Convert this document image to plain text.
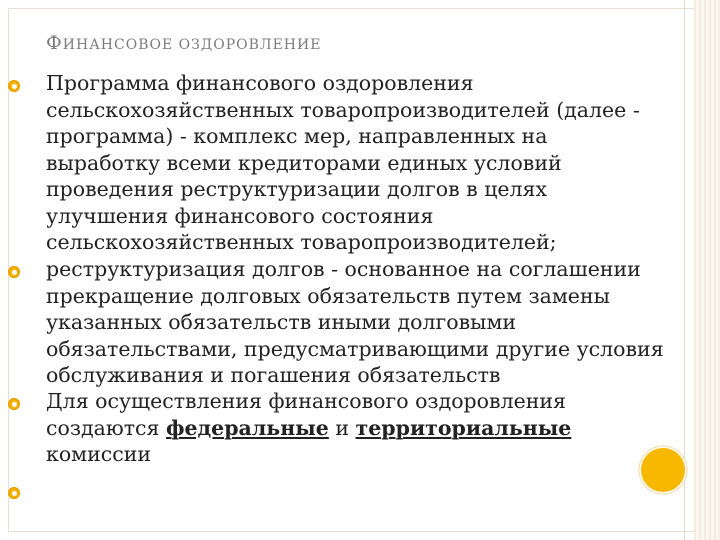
ФИНАНСОВОЕ ОЗДОРОВЛЕНИЕ
Программа финансового оздоровления
сельскохозяйственных товаропроизводителей (далее -
программа) - комплекс мер, направленных на
выработку всеми кредиторами единых условий
проведения реструктуризации долгов в целях
улучшения финансового состояния
сельскохозяйственных товаропроизводителей;
реструктуризация долгов - основанное на соглашении
прекращение долговых обязательств путем замены
указанных обязательств иными долговыми
обязательствами, предусматривающими другие условия
обслуживания и погашения обязательств
Для осуществления финансового оздоровления
создаются федеральные и территориальные
комиссии
